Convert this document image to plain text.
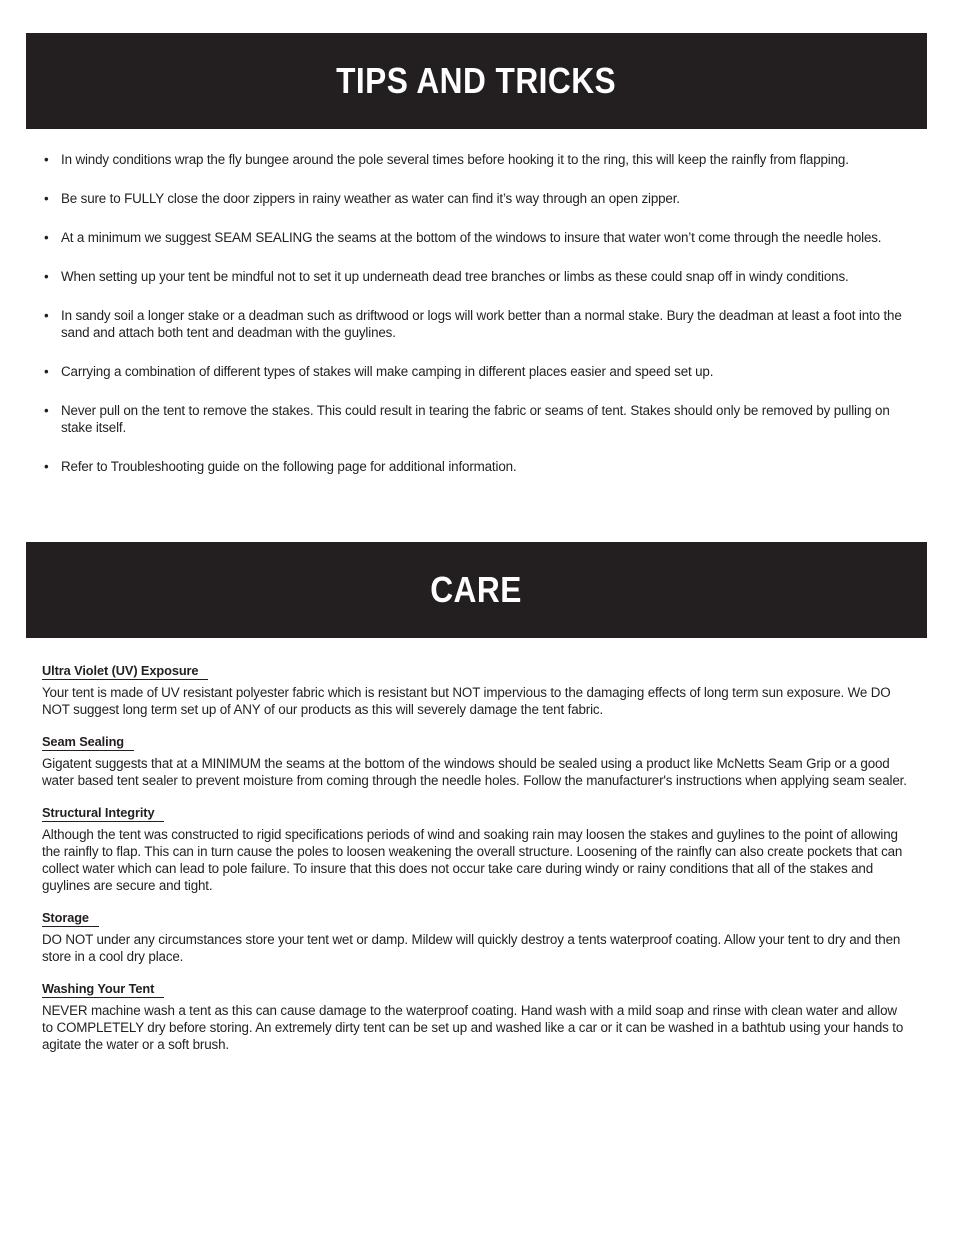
TIPS AND TRICKS
• In windy conditions wrap the fly bungee around the pole several times before hooking it to the ring, this will keep the rainfly from flapping.
• Be sure to FULLY close the door zippers in rainy weather as water can find it’s way through an open zipper.
• At a minimum we suggest SEAM SEALING the seams at the bottom of the windows to insure that water won’t come through the needle holes.
• When setting up your tent be mindful not to set it up underneath dead tree branches or limbs as these could snap off in windy conditions.
• In sandy soil a longer stake or a deadman such as driftwood or logs will work better than a normal stake. Bury the deadman at least a foot into the sand and attach both tent and deadman with the guylines.
• Carrying a combination of different types of stakes will make camping in different places easier and speed set up.
• Never pull on the tent to remove the stakes. This could result in tearing the fabric or seams of tent. Stakes should only be removed by pulling on stake itself.
• Refer to Troubleshooting guide on the following page for additional information.
CARE
Ultra Violet (UV) Exposure

Your tent is made of UV resistant polyester fabric which is resistant but NOT impervious to the damaging effects of long term sun exposure. We DO NOT suggest long term set up of ANY of our products as this will severely damage the tent fabric.

Seam Sealing

Gigatent suggests that at a MINIMUM the seams at the bottom of the windows should be sealed using a product like McNetts Seam Grip or a good water based tent sealer to prevent moisture from coming through the needle holes. Follow the manufacturer's instructions when applying seam sealer.

Structural Integrity

Although the tent was constructed to rigid specifications periods of wind and soaking rain may loosen the stakes and guylines to the point of allowing the rainfly to flap. This can in turn cause the poles to loosen weakening the overall structure. Loosening of the rainfly can also create pockets that can collect water which can lead to pole failure. To insure that this does not occur take care during windy or rainy conditions that all of the stakes and guylines are secure and tight.

Storage

DO NOT under any circumstances store your tent wet or damp. Mildew will quickly destroy a tents waterproof coating. Allow your tent to dry and then store in a cool dry place.

Washing Your Tent

NEVER machine wash a tent as this can cause damage to the waterproof coating. Hand wash with a mild soap and rinse with clean water and allow to COMPLETELY dry before storing. An extremely dirty tent can be set up and washed like a car or it can be washed in a bathtub using your hands to agitate the water or a soft brush.
